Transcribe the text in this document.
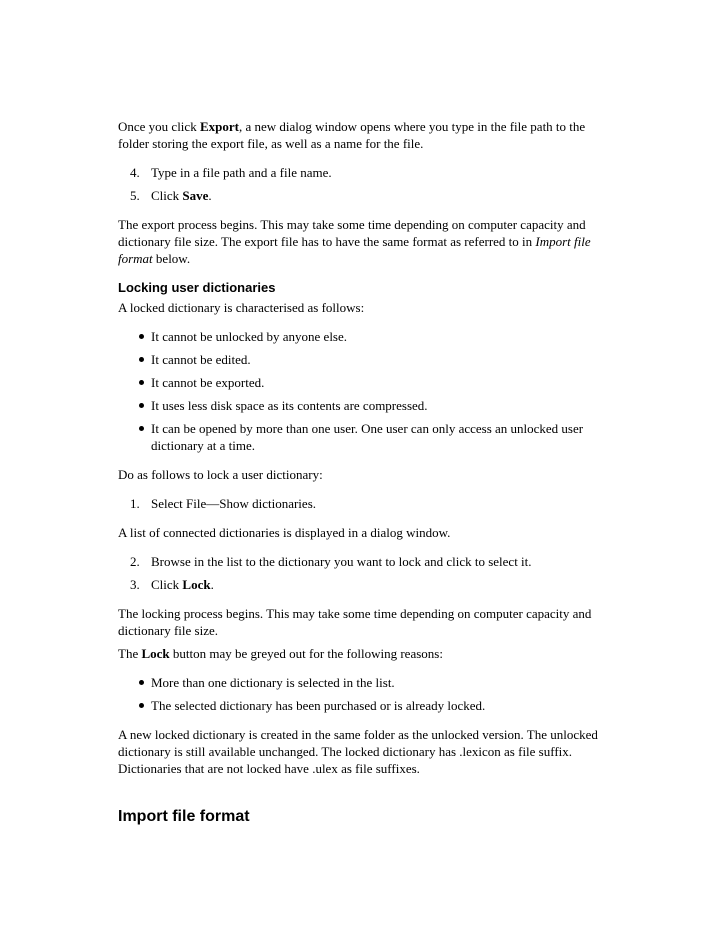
Once you click Export, a new dialog window opens where you type in the file path to the folder storing the export file, as well as a name for the file.

4. Type in a file path and a file name.
5. Click Save.

The export process begins. This may take some time depending on computer capacity and dictionary file size. The export file has to have the same format as referred to in Import file format below.

Locking user dictionaries

A locked dictionary is characterised as follows:

It cannot be unlocked by anyone else.
It cannot be edited.
It cannot be exported.
It uses less disk space as its contents are compressed.
It can be opened by more than one user. One user can only access an unlocked user dictionary at a time.

Do as follows to lock a user dictionary:

1. Select File—Show dictionaries.

A list of connected dictionaries is displayed in a dialog window.

2. Browse in the list to the dictionary you want to lock and click to select it.
3. Click Lock.

The locking process begins. This may take some time depending on computer capacity and dictionary file size.

The Lock button may be greyed out for the following reasons:

More than one dictionary is selected in the list.
The selected dictionary has been purchased or is already locked.

A new locked dictionary is created in the same folder as the unlocked version. The unlocked dictionary is still available unchanged. The locked dictionary has .lexicon as file suffix. Dictionaries that are not locked have .ulex as file suffixes.

Import file format
